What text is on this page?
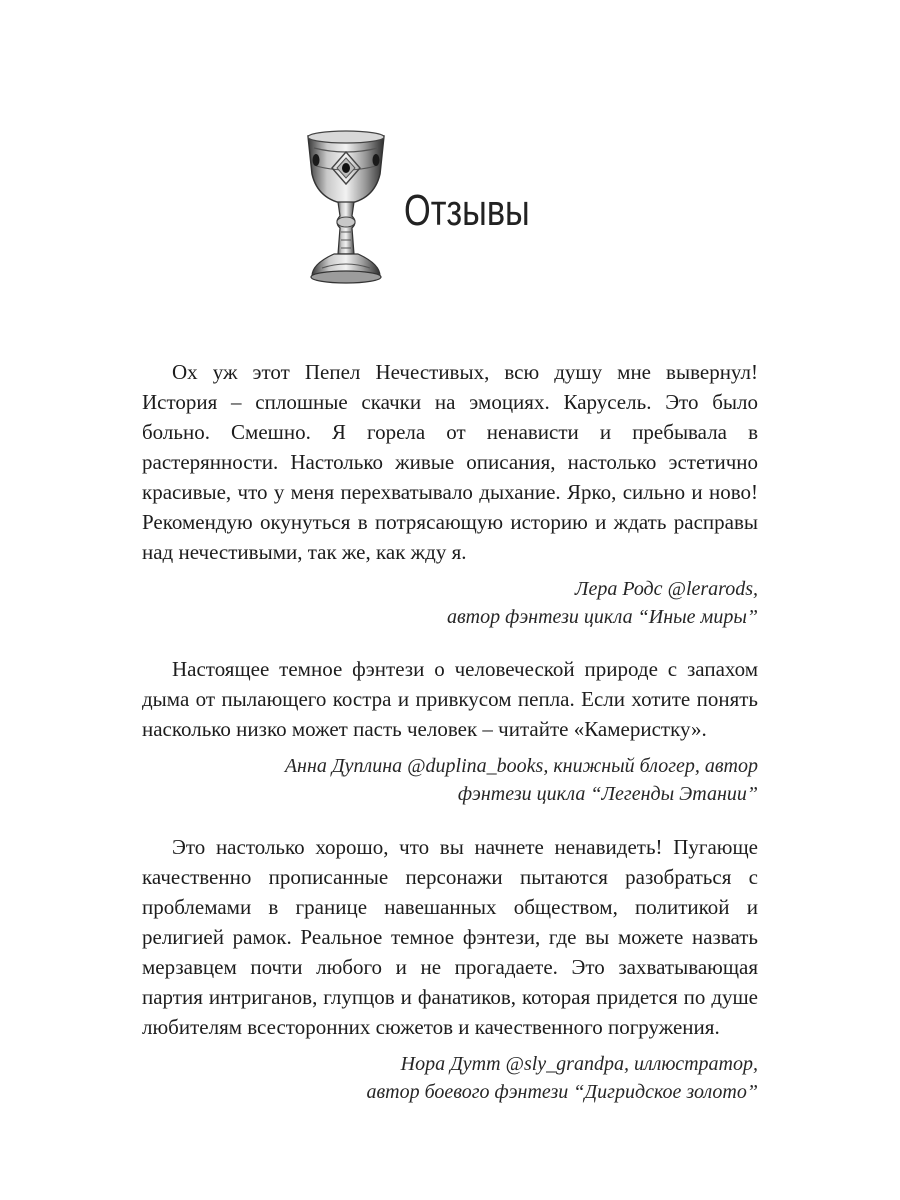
Отзывы

Ох уж этот Пепел Нечестивых, всю душу мне вывернул! История – сплошные скачки на эмоциях. Карусель. Это было больно. Смешно. Я горела от ненависти и пребывала в растерянности. Настолько живые описания, настолько эстетично красивые, что у меня перехватывало дыхание. Ярко, сильно и ново! Рекомендую окунуться в потрясающую историю и ждать расправы над нечестивыми, так же, как жду я.

Лера Родс @lerarods,
автор фэнтези цикла “Иные миры”

Настоящее темное фэнтези о человеческой природе с запахом дыма от пылающего костра и привкусом пепла. Если хотите понять насколько низко может пасть человек – читайте «Камеристку».

Анна Дуплина @duplina_books, книжный блогер, автор
фэнтези цикла “Легенды Этании”

Это настолько хорошо, что вы начнете ненавидеть! Пугающе качественно прописанные персонажи пытаются разобраться с проблемами в границе навешанных обществом, политикой и религией рамок. Реальное темное фэнтези, где вы можете назвать мерзавцем почти любого и не прогадаете. Это захватывающая партия интриганов, глупцов и фанатиков, которая придется по душе любителям всесторонних сюжетов и качественного погружения.

Нора Дутт @sly_grandpa, иллюстратор,
автор боевого фэнтези “Дигридское золото”
